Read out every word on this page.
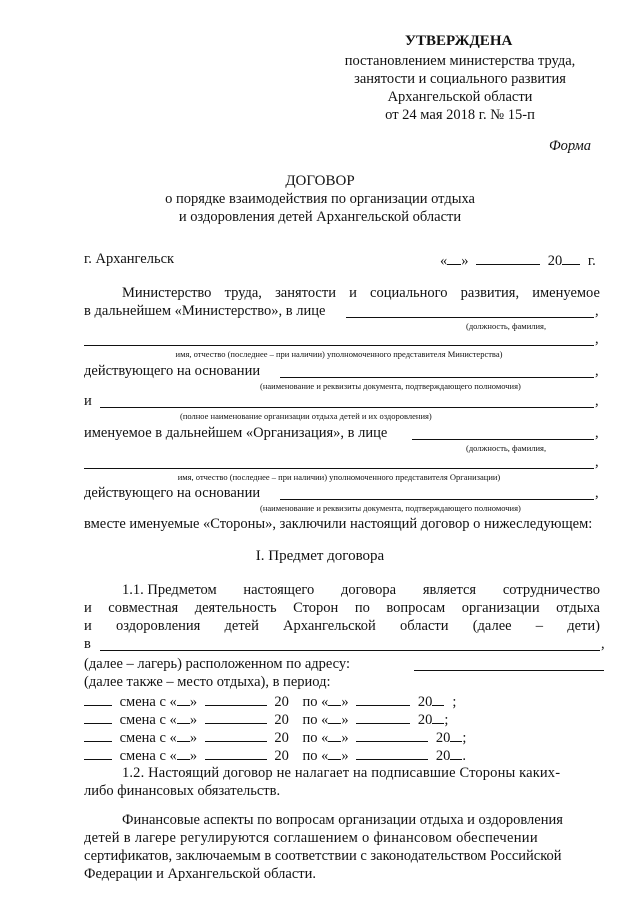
УТВЕРЖДЕНА
постановлением министерства труда,
занятости и социального развития
Архангельской области
от 24 мая 2018 г. № 15-п
Форма
ДОГОВОР
о порядке взаимодействия по организации отдыха
и оздоровления детей Архангельской области
г. Архангельск	« »	20 г.
Министерство труда, занятости и социального развития, именуемое
в дальнейшем «Министерство», в лице	,
(должность, фамилия,
,
имя, отчество (последнее – при наличии) уполномоченного представителя Министерства)
действующего на основании	,
(наименование и реквизиты документа, подтверждающего полномочия)
и	,
(полное наименование организации отдыха детей и их оздоровления)
именуемое в дальнейшем «Организация», в лице	,
(должность, фамилия,
,
имя, отчество (последнее – при наличии) уполномоченного представителя Организации)
действующего на основании	,
(наименование и реквизиты документа, подтверждающего полномочия)
вместе именуемые «Стороны», заключили настоящий договор о нижеследующем:
I. Предмет договора
1.1. Предметом настоящего договора является сотрудничество
и совместная деятельность Сторон по вопросам организации отдыха
и оздоровления детей Архангельской области (далее – дети)
в	,
(далее – лагерь) расположенном по адресу:
(далее также – место отдыха), в период:
смена с « »	20 по « »	20 ;
смена с « »	20 по « »	20 ;
смена с « »	20 по « »	20 ;
смена с « »	20 по « »	20 .
1.2. Настоящий договор не налагает на подписавшие Стороны каких-
либо финансовых обязательств.
Финансовые аспекты по вопросам организации отдыха и оздоровления
детей в лагере регулируются соглашением о финансовом обеспечении
сертификатов, заключаемым в соответствии с законодательством Российской
Федерации и Архангельской области.
